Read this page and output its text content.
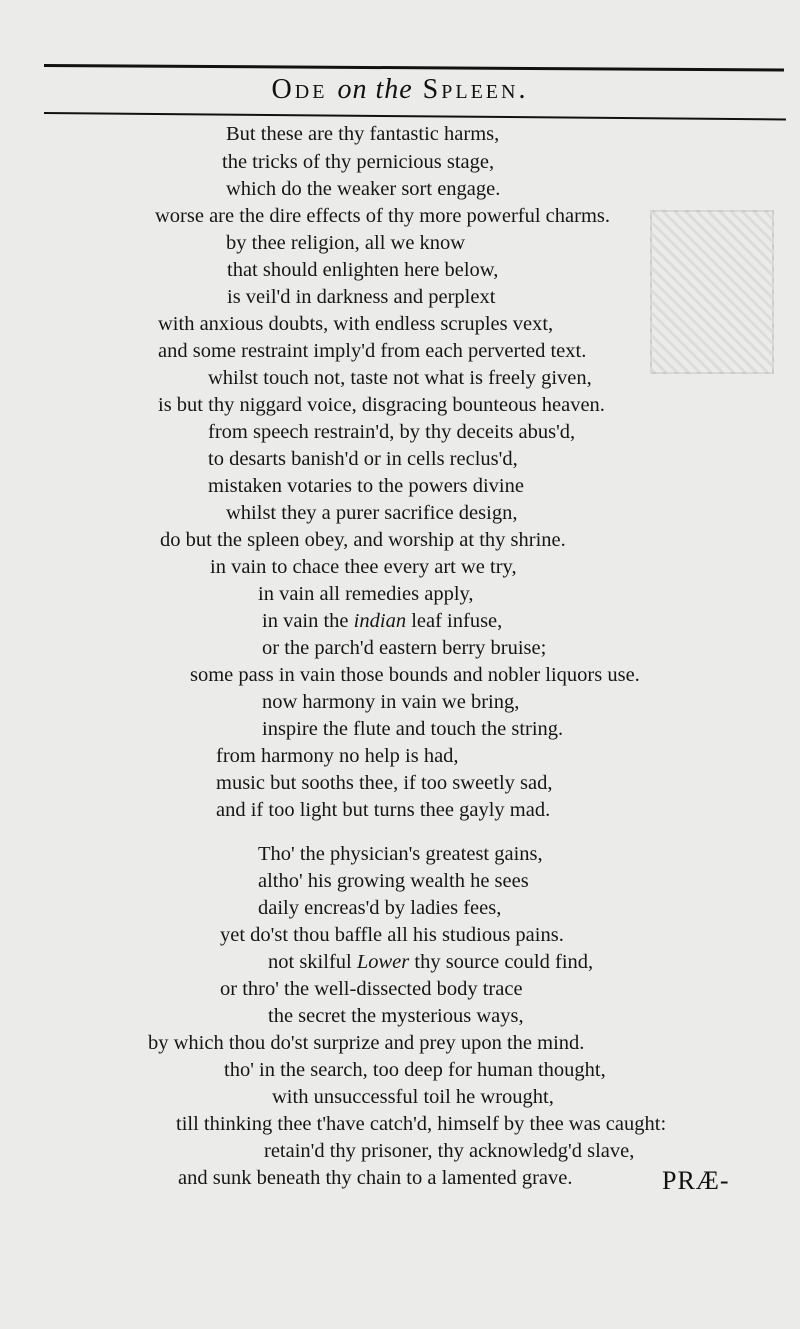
Ode on the Spleen.
But these are thy fantastic harms,
the tricks of thy pernicious stage,
which do the weaker sort engage.
worse are the dire effects of thy more powerful charms.
by thee religion, all we know
that should enlighten here below,
is veil'd in darkness and perplext
with anxious doubts, with endless scruples vext,
and some restraint imply'd from each perverted text.
whilst touch not, taste not what is freely given,
is but thy niggard voice, disgracing bounteous heaven.
from speech restrain'd, by thy deceits abus'd,
to desarts banish'd or in cells reclus'd,
mistaken votaries to the powers divine
whilst they a purer sacrifice design,
do but the spleen obey, and worship at thy shrine.
in vain to chace thee every art we try,
in vain all remedies apply,
in vain the indian leaf infuse,
or the parch'd eastern berry bruise;
some pass in vain those bounds and nobler liquors use.
now harmony in vain we bring,
inspire the flute and touch the string.
from harmony no help is had,
music but sooths thee, if too sweetly sad,
and if too light but turns thee gayly mad.
Tho' the physician's greatest gains,
altho' his growing wealth he sees
daily encreas'd by ladies fees,
yet do'st thou baffle all his studious pains.
not skilful Lower thy source could find,
or thro' the well-dissected body trace
the secret the mysterious ways,
by which thou do'st surprize and prey upon the mind.
tho' in the search, too deep for human thought,
with unsuccessful toil he wrought,
till thinking thee t'have catch'd, himself by thee was caught:
retain'd thy prisoner, thy acknowledg'd slave,
and sunk beneath thy chain to a lamented grave.	PRÆ-
